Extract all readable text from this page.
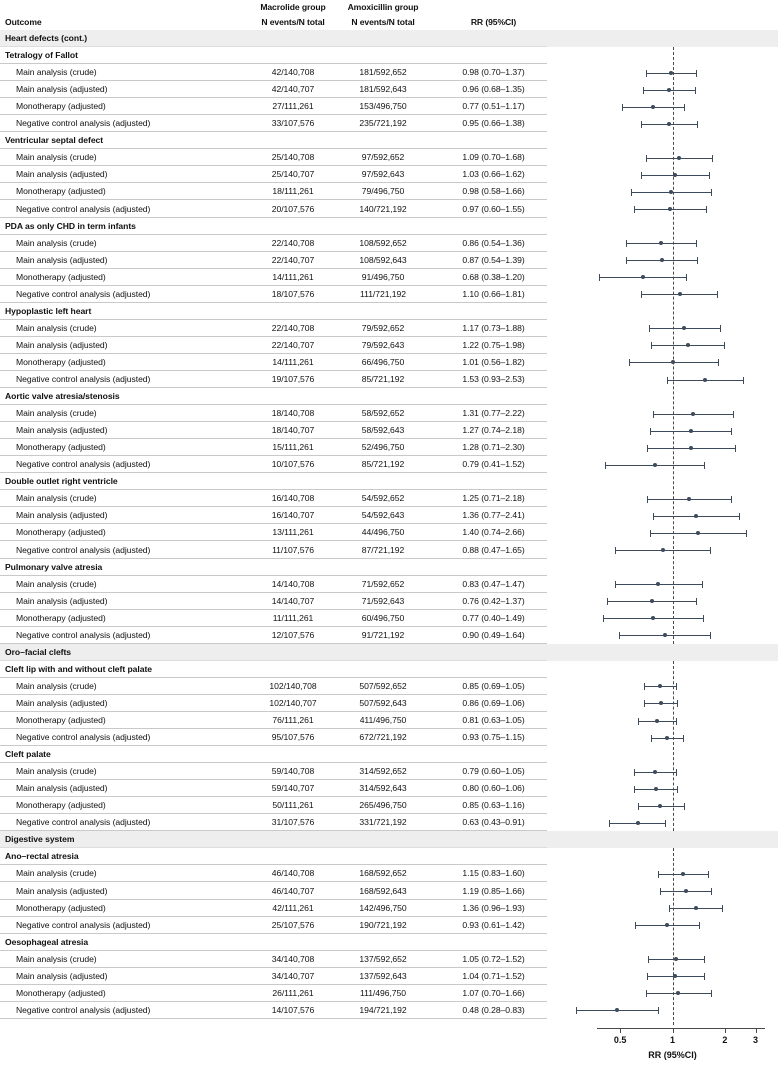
Macrolide group	Amoxicillin group
Outcome	N events/N total	N events/N total	RR (95%CI)
Heart defects (cont.)
Tetralogy of Fallot
Main analysis (crude)	42/140,708	181/592,652	0.98 (0.70–1.37)
Main analysis (adjusted)	42/140,707	181/592,643	0.96 (0.68–1.35)
Monotherapy (adjusted)	27/111,261	153/496,750	0.77 (0.51–1.17)
Negative control analysis (adjusted)	33/107,576	235/721,192	0.95 (0.66–1.38)
Ventricular septal defect
Main analysis (crude)	25/140,708	97/592,652	1.09 (0.70–1.68)
Main analysis (adjusted)	25/140,707	97/592,643	1.03 (0.66–1.62)
Monotherapy (adjusted)	18/111,261	79/496,750	0.98 (0.58–1.66)
Negative control analysis (adjusted)	20/107,576	140/721,192	0.97 (0.60–1.55)
PDA as only CHD in term infants
Main analysis (crude)	22/140,708	108/592,652	0.86 (0.54–1.36)
Main analysis (adjusted)	22/140,707	108/592,643	0.87 (0.54–1.39)
Monotherapy (adjusted)	14/111,261	91/496,750	0.68 (0.38–1.20)
Negative control analysis (adjusted)	18/107,576	111/721,192	1.10 (0.66–1.81)
Hypoplastic left heart
Main analysis (crude)	22/140,708	79/592,652	1.17 (0.73–1.88)
Main analysis (adjusted)	22/140,707	79/592,643	1.22 (0.75–1.98)
Monotherapy (adjusted)	14/111,261	66/496,750	1.01 (0.56–1.82)
Negative control analysis (adjusted)	19/107,576	85/721,192	1.53 (0.93–2.53)
Aortic valve atresia/stenosis
Main analysis (crude)	18/140,708	58/592,652	1.31 (0.77–2.22)
Main analysis (adjusted)	18/140,707	58/592,643	1.27 (0.74–2.18)
Monotherapy (adjusted)	15/111,261	52/496,750	1.28 (0.71–2.30)
Negative control analysis (adjusted)	10/107,576	85/721,192	0.79 (0.41–1.52)
Double outlet right ventricle
Main analysis (crude)	16/140,708	54/592,652	1.25 (0.71–2.18)
Main analysis (adjusted)	16/140,707	54/592,643	1.36 (0.77–2.41)
Monotherapy (adjusted)	13/111,261	44/496,750	1.40 (0.74–2.66)
Negative control analysis (adjusted)	11/107,576	87/721,192	0.88 (0.47–1.65)
Pulmonary valve atresia
Main analysis (crude)	14/140,708	71/592,652	0.83 (0.47–1.47)
Main analysis (adjusted)	14/140,707	71/592,643	0.76 (0.42–1.37)
Monotherapy (adjusted)	11/111,261	60/496,750	0.77 (0.40–1.49)
Negative control analysis (adjusted)	12/107,576	91/721,192	0.90 (0.49–1.64)
Oro–facial clefts
Cleft lip with and without cleft palate
Main analysis (crude)	102/140,708	507/592,652	0.85 (0.69–1.05)
Main analysis (adjusted)	102/140,707	507/592,643	0.86 (0.69–1.06)
Monotherapy (adjusted)	76/111,261	411/496,750	0.81 (0.63–1.05)
Negative control analysis (adjusted)	95/107,576	672/721,192	0.93 (0.75–1.15)
Cleft palate
Main analysis (crude)	59/140,708	314/592,652	0.79 (0.60–1.05)
Main analysis (adjusted)	59/140,707	314/592,643	0.80 (0.60–1.06)
Monotherapy (adjusted)	50/111,261	265/496,750	0.85 (0.63–1.16)
Negative control analysis (adjusted)	31/107,576	331/721,192	0.63 (0.43–0.91)
Digestive system
Ano–rectal atresia
Main analysis (crude)	46/140,708	168/592,652	1.15 (0.83–1.60)
Main analysis (adjusted)	46/140,707	168/592,643	1.19 (0.85–1.66)
Monotherapy (adjusted)	42/111,261	142/496,750	1.36 (0.96–1.93)
Negative control analysis (adjusted)	25/107,576	190/721,192	0.93 (0.61–1.42)
Oesophageal atresia
Main analysis (crude)	34/140,708	137/592,652	1.05 (0.72–1.52)
Main analysis (adjusted)	34/140,707	137/592,643	1.04 (0.71–1.52)
Monotherapy (adjusted)	26/111,261	111/496,750	1.07 (0.70–1.66)
Negative control analysis (adjusted)	14/107,576	194/721,192	0.48 (0.28–0.83)
0.5	1	2	3
RR (95%CI)
